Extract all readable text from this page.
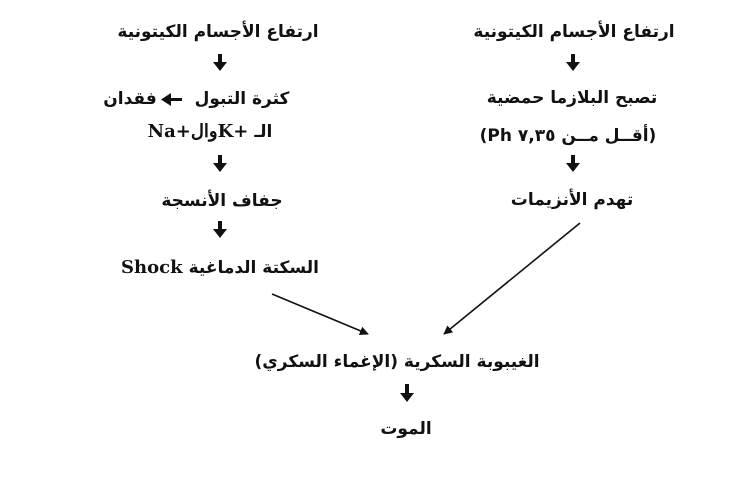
ارتفاع الأجسام الكيتونية
تصبح البلازما حمضية
(Ph أقــل مــن ٧,٣٥)
تهدم الأنزيمات
ارتفاع الأجسام الكيتونية
كثرة التبول
فقدان
Na+والK+ الـ
جفاف الأنسجة
Shock السكتة الدماغية
الغيبوبة السكرية (الإغماء السكري)
الموت
